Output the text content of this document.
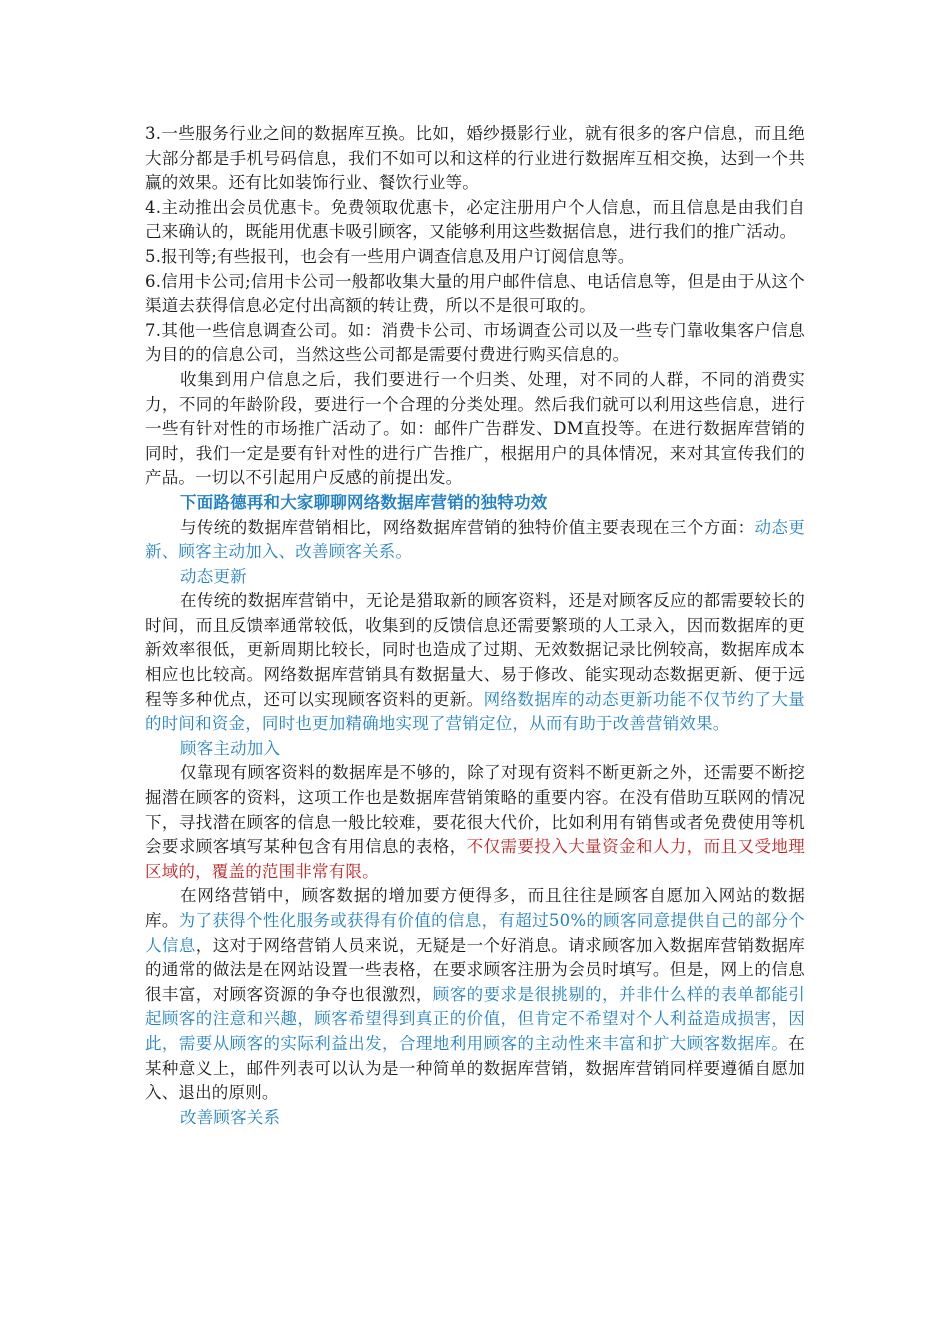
3.一些服务行业之间的数据库互换。比如，婚纱摄影行业，就有很多的客户信息，而且绝大部分都是手机号码信息，我们不如可以和这样的行业进行数据库互相交换，达到一个共赢的效果。还有比如装饰行业、餐饮行业等。

4.主动推出会员优惠卡。免费领取优惠卡，必定注册用户个人信息，而且信息是由我们自己来确认的，既能用优惠卡吸引顾客，又能够利用这些数据信息，进行我们的推广活动。

5.报刊等;有些报刊，也会有一些用户调查信息及用户订阅信息等。

6.信用卡公司;信用卡公司一般都收集大量的用户邮件信息、电话信息等，但是由于从这个渠道去获得信息必定付出高额的转让费，所以不是很可取的。

7.其他一些信息调查公司。如：消费卡公司、市场调查公司以及一些专门靠收集客户信息为目的的信息公司，当然这些公司都是需要付费进行购买信息的。

收集到用户信息之后，我们要进行一个归类、处理，对不同的人群，不同的消费实力，不同的年龄阶段，要进行一个合理的分类处理。然后我们就可以利用这些信息，进行一些有针对性的市场推广活动了。如：邮件广告群发、DM直投等。在进行数据库营销的同时，我们一定是要有针对性的进行广告推广，根据用户的具体情况，来对其宣传我们的产品。一切以不引起用户反感的前提出发。

下面路德再和大家聊聊网络数据库营销的独特功效

与传统的数据库营销相比，网络数据库营销的独特价值主要表现在三个方面：动态更新、顾客主动加入、改善顾客关系。

动态更新

在传统的数据库营销中，无论是猎取新的顾客资料，还是对顾客反应的都需要较长的时间，而且反馈率通常较低，收集到的反馈信息还需要繁琐的人工录入，因而数据库的更新效率很低，更新周期比较长，同时也造成了过期、无效数据记录比例较高，数据库成本相应也比较高。网络数据库营销具有数据量大、易于修改、能实现动态数据更新、便于远程等多种优点，还可以实现顾客资料的更新。网络数据库的动态更新功能不仅节约了大量的时间和资金，同时也更加精确地实现了营销定位，从而有助于改善营销效果。

顾客主动加入

仅靠现有顾客资料的数据库是不够的，除了对现有资料不断更新之外，还需要不断挖掘潜在顾客的资料，这项工作也是数据库营销策略的重要内容。在没有借助互联网的情况下，寻找潜在顾客的信息一般比较难，要花很大代价，比如利用有销售或者免费使用等机会要求顾客填写某种包含有用信息的表格，不仅需要投入大量资金和人力，而且又受地理区域的，覆盖的范围非常有限。

在网络营销中，顾客数据的增加要方便得多，而且往往是顾客自愿加入网站的数据库。为了获得个性化服务或获得有价值的信息，有超过50%的顾客同意提供自己的部分个人信息，这对于网络营销人员来说，无疑是一个好消息。请求顾客加入数据库营销数据库的通常的做法是在网站设置一些表格，在要求顾客注册为会员时填写。但是，网上的信息很丰富，对顾客资源的争夺也很激烈，顾客的要求是很挑剔的，并非什么样的表单都能引起顾客的注意和兴趣，顾客希望得到真正的价值，但肯定不希望对个人利益造成损害，因此，需要从顾客的实际利益出发，合理地利用顾客的主动性来丰富和扩大顾客数据库。在某种意义上，邮件列表可以认为是一种简单的数据库营销，数据库营销同样要遵循自愿加入、退出的原则。

改善顾客关系
